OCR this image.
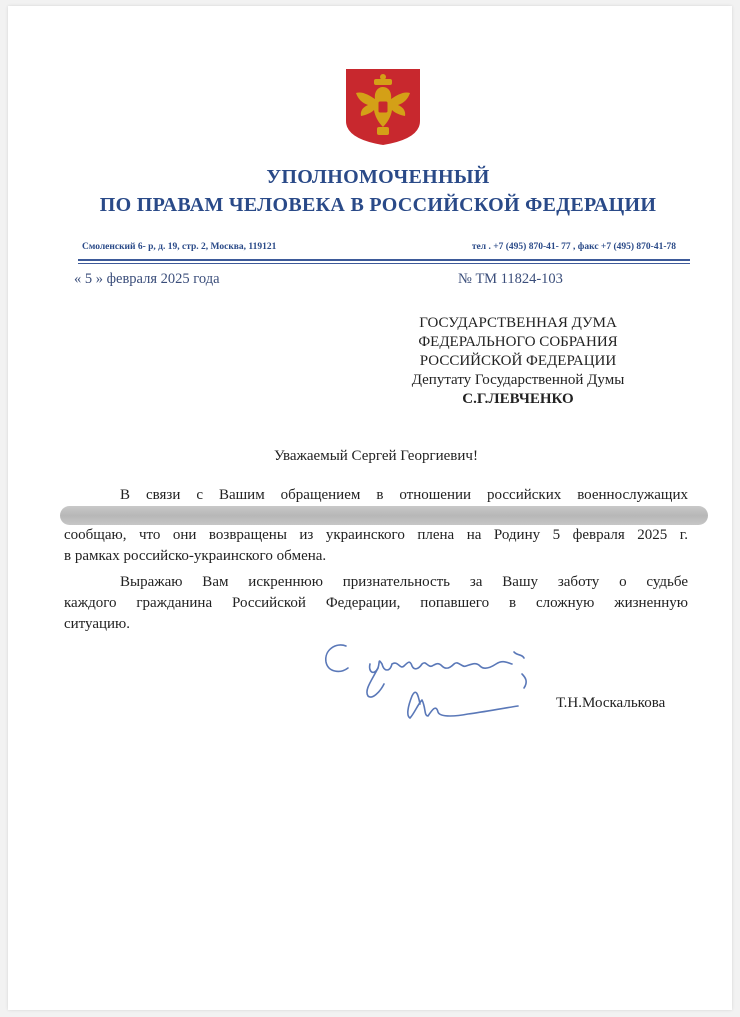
УПОЛНОМОЧЕННЫЙ
ПО ПРАВАМ ЧЕЛОВЕКА В РОССИЙСКОЙ ФЕДЕРАЦИИ
Смоленский 6- р, д. 19, стр. 2, Москва, 119121	тел . +7 (495) 870-41- 77 , факс +7 (495) 870-41-78
« 5 » февраля 2025 года	№ ТМ 11824-103
ГОСУДАРСТВЕННАЯ ДУМА
ФЕДЕРАЛЬНОГО СОБРАНИЯ
РОССИЙСКОЙ ФЕДЕРАЦИИ
Депутату Государственной Думы
С.Г.ЛЕВЧЕНКО
Уважаемый Сергей Георгиевич!
В связи с Вашим обращением в отношении российских военнослужащих
сообщаю, что они возвращены из украинского плена на Родину 5 февраля 2025 г.
в рамках российско-украинского обмена.
Выражаю Вам искреннюю признательность за Вашу заботу о судьбе
каждого гражданина Российской Федерации, попавшего в сложную жизненную
ситуацию.
Т.Н.Москалькова
